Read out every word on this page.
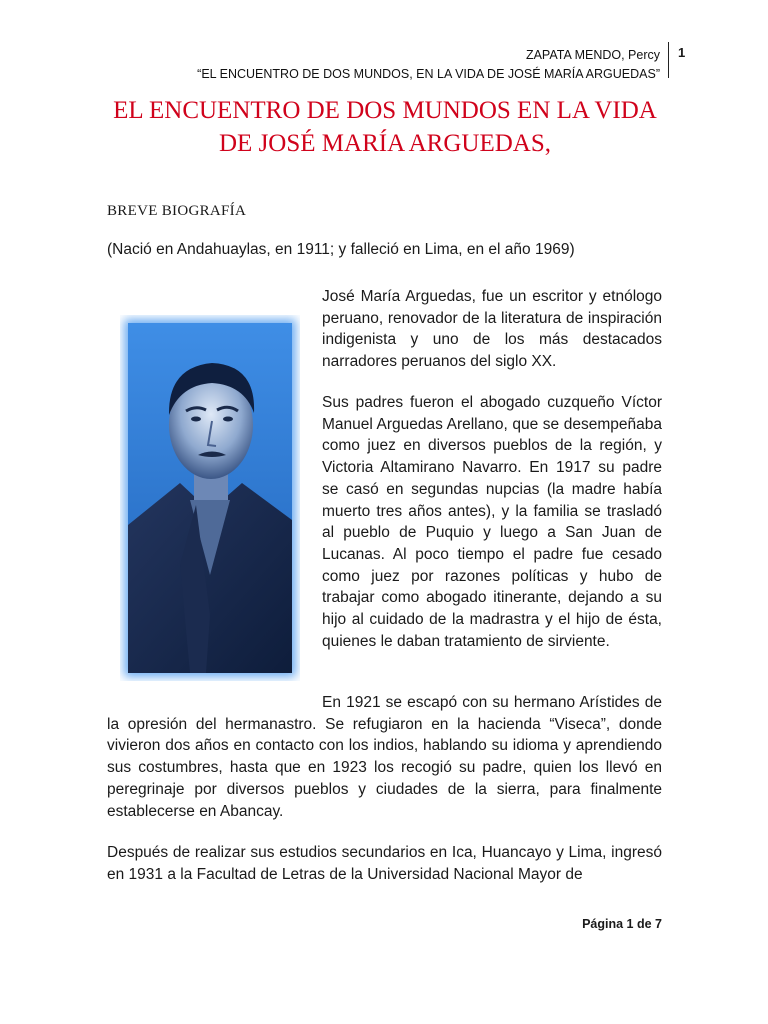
ZAPATA MENDO, Percy
“EL ENCUENTRO DE DOS MUNDOS, EN LA VIDA DE JOSÉ MARÍA ARGUEDAS”
1
EL ENCUENTRO DE DOS MUNDOS EN LA VIDA
DE JOSÉ MARÍA ARGUEDAS,
BREVE BIOGRAFÍA
(Nació en Andahuaylas, en 1911; y falleció en Lima, en el año 1969)

José María Arguedas, fue un escritor y etnólogo peruano, renovador de la literatura de inspiración indigenista y uno de los más destacados narradores peruanos del siglo XX.

Sus padres fueron el abogado cuzqueño Víctor Manuel Arguedas Arellano, que se desempeñaba como juez en diversos pueblos de la región, y Victoria Altamirano Navarro. En 1917 su padre se casó en segundas nupcias (la madre había muerto tres años antes), y la familia se trasladó al pueblo de Puquio y luego a San Juan de Lucanas. Al poco tiempo el padre fue cesado como juez por razones políticas y hubo de trabajar como abogado itinerante, dejando a su hijo al cuidado de la madrastra y el hijo de ésta, quienes le daban tratamiento de sirviente.

En 1921 se escapó con su hermano Arístides de la opresión del hermanastro. Se refugiaron en la hacienda “Viseca”, donde vivieron dos años en contacto con los indios, hablando su idioma y aprendiendo sus costumbres, hasta que en 1923 los recogió su padre, quien los llevó en peregrinaje por diversos pueblos y ciudades de la sierra, para finalmente establecerse en Abancay.

Después de realizar sus estudios secundarios en Ica, Huancayo y Lima, ingresó en 1931 a la Facultad de Letras de la Universidad Nacional Mayor de

Página 1 de 7
